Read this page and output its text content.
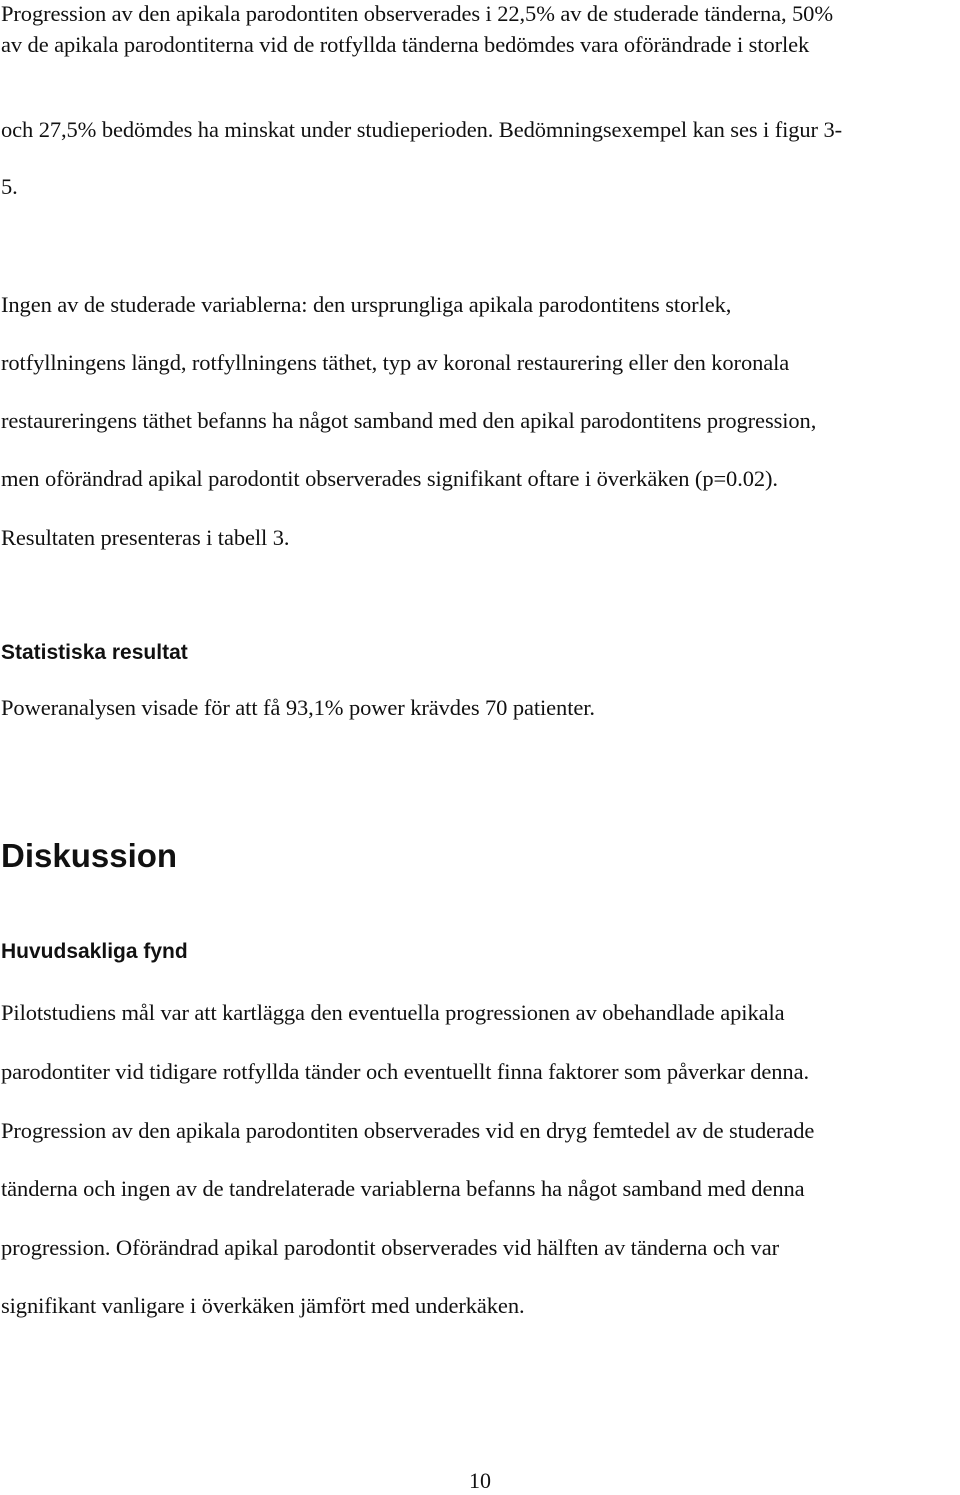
Progression av den apikala parodontiten observerades i 22,5% av de studerade tänderna, 50%

av de apikala parodontiterna vid de rotfyllda tänderna bedömdes vara oförändrade i storlek

och 27,5% bedömdes ha minskat under studieperioden. Bedömningsexempel kan ses i figur 3-

5.

Ingen av de studerade variablerna: den ursprungliga apikala parodontitens storlek,

rotfyllningens längd, rotfyllningens täthet, typ av koronal restaurering eller den koronala

restaureringens täthet befanns ha något samband med den apikal parodontitens progression,

men oförändrad apikal parodontit observerades signifikant oftare i överkäken (p=0.02).

Resultaten presenteras i tabell 3.

Statistiska resultat

Poweranalysen visade för att få 93,1% power krävdes 70 patienter.

Diskussion
Huvudsakliga fynd

Pilotstudiens mål var att kartlägga den eventuella progressionen av obehandlade apikala

parodontiter vid tidigare rotfyllda tänder och eventuellt finna faktorer som påverkar denna.

Progression av den apikala parodontiten observerades vid en dryg femtedel av de studerade

tänderna och ingen av de tandrelaterade variablerna befanns ha något samband med denna

progression. Oförändrad apikal parodontit observerades vid hälften av tänderna och var

signifikant vanligare i överkäken jämfört med underkäken.

10
